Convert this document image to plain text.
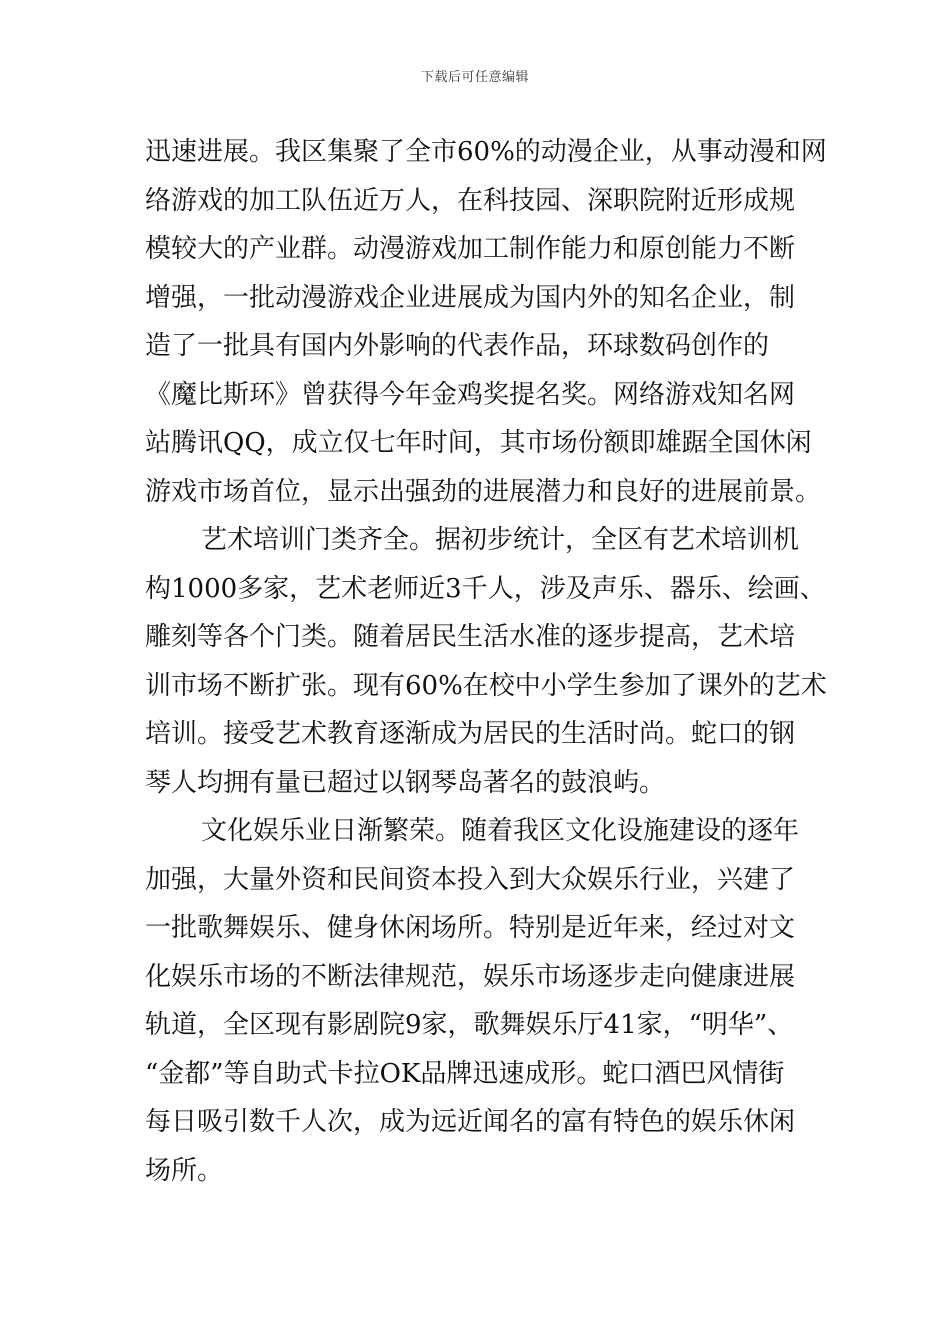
下载后可任意编辑
迅速进展。我区集聚了全市60%的动漫企业，从事动漫和网
络游戏的加工队伍近万人，在科技园、深职院附近形成规
模较大的产业群。动漫游戏加工制作能力和原创能力不断
增强，一批动漫游戏企业进展成为国内外的知名企业，制
造了一批具有国内外影响的代表作品，环球数码创作的
《魔比斯环》曾获得今年金鸡奖提名奖。网络游戏知名网
站腾讯QQ，成立仅七年时间，其市场份额即雄踞全国休闲
游戏市场首位，显示出强劲的进展潜力和良好的进展前景。
艺术培训门类齐全。据初步统计，全区有艺术培训机
构1000多家，艺术老师近3千人，涉及声乐、器乐、绘画、
雕刻等各个门类。随着居民生活水准的逐步提高，艺术培
训市场不断扩张。现有60%在校中小学生参加了课外的艺术
培训。接受艺术教育逐渐成为居民的生活时尚。蛇口的钢
琴人均拥有量已超过以钢琴岛著名的鼓浪屿。
文化娱乐业日渐繁荣。随着我区文化设施建设的逐年
加强，大量外资和民间资本投入到大众娱乐行业，兴建了
一批歌舞娱乐、健身休闲场所。特别是近年来，经过对文
化娱乐市场的不断法律规范，娱乐市场逐步走向健康进展
轨道，全区现有影剧院9家，歌舞娱乐厅41家，“明华”、
“金都”等自助式卡拉OK品牌迅速成形。蛇口酒巴风情街
每日吸引数千人次，成为远近闻名的富有特色的娱乐休闲
场所。
